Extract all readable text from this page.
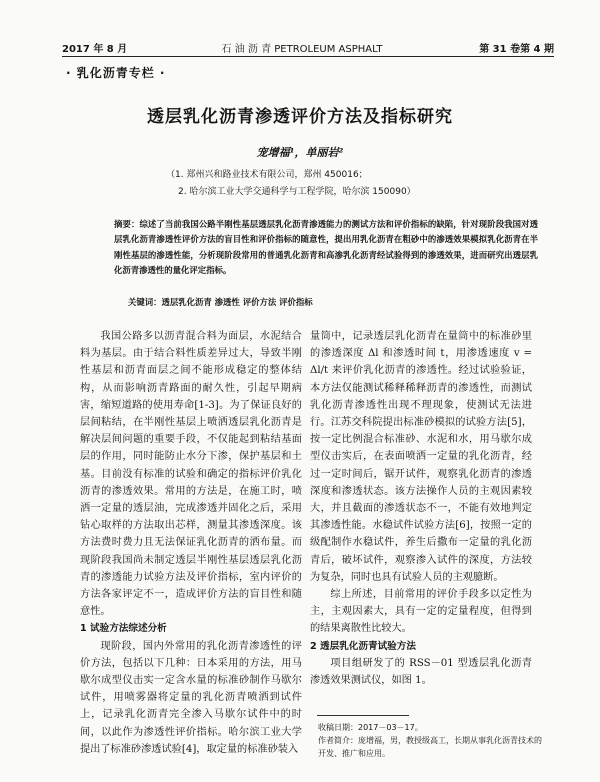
2017 年 8 月	石 油 沥 青 PETROLEUM ASPHALT	第 31 卷第 4 期
· 乳化沥青专栏 ·
透层乳化沥青渗透评价方法及指标研究
宠增福¹，单丽岩²
（1. 郑州兴和路业技术有限公司，郑州 450016；
2. 哈尔滨工业大学交通科学与工程学院，哈尔滨 150090）
摘要：综述了当前我国公路半刚性基层透层乳化沥青渗透能力的测试方法和评价指标的缺陷，针对现阶段我国对透层乳化沥青渗透性评价方法的盲目性和评价指标的随意性，提出用乳化沥青在粗砂中的渗透效果模拟乳化沥青在半刚性基层的渗透性能，分析现阶段常用的普通乳化沥青和高渗乳化沥青经试验得到的渗透效果，进而研究出透层乳化沥青渗透性的量化评定指标。
关键词：透层乳化沥青 渗透性 评价方法 评价指标

我国公路多以沥青混合料为面层，水泥结合料为基层。由于结合料性质差异过大，导致半刚性基层和沥青面层之间不能形成稳定的整体结构，从而影响沥青路面的耐久性，引起早期病害，缩短道路的使用寿命[1-3]。为了保证良好的层间粘结，在半刚性基层上喷洒透层乳化沥青是解决层间问题的重要手段，不仅能起到粘结基面层的作用，同时能防止水分下渗，保护基层和土基。目前没有标准的试验和确定的指标评价乳化沥青的渗透效果。常用的方法是，在施工时，喷洒一定量的透层油，完成渗透并固化之后，采用钻心取样的方法取出芯样，测量其渗透深度。该方法费时费力且无法保证乳化沥青的洒布量。而现阶段我国尚未制定透层半刚性基层透层乳化沥青的渗透能力试验方法及评价指标，室内评价的方法各家评定不一，造成评价方法的盲目性和随意性。

1 试验方法综述分析

现阶段，国内外常用的乳化沥青渗透性的评价方法，包括以下几种：日本采用的方法，用马歇尔成型仪击实一定含水量的标准砂制作马歇尔试件，用喷雾器将定量的乳化沥青喷洒到试件上，记录乳化沥青完全渗入马歇尔试件中的时间，以此作为渗透性评价指标。哈尔滨工业大学提出了标准砂渗透试验[4]，取定量的标准砂装入

量筒中，记录透层乳化沥青在量筒中的标准砂里的渗透深度 Δl 和渗透时间 t，用渗透速度 v = Δl/t 来评价乳化沥青的渗透性。经过试验验证，本方法仅能测试稀释稀释沥青的渗透性，而测试乳化沥青渗透性出现不理现象，使测试无法进行。江苏交科院提出标准砂模拟的试验方法[5]，按一定比例混合标准砂、水泥和水，用马歇尔成型仪击实后，在表面喷洒一定量的乳化沥青，经过一定时间后，锯开试件，观察乳化沥青的渗透深度和渗透状态。该方法操作人员的主观因素较大，并且截面的渗透状态不一，不能有效地判定其渗透性能。水稳试件试验方法[6]，按照一定的级配制作水稳试件，养生后撒布一定量的乳化沥青后，破坏试件，观察渗入试件的深度，方法较为复杂，同时也具有试验人员的主观臆断。

综上所述，目前常用的评价手段多以定性为主，主观因素大，具有一定的定量程度，但得到的结果离散性比较大。

2 透层乳化沥青试验方法

项目组研发了的 RSS－01 型透层乳化沥青渗透效果测试仪，如图 1。

收稿日期：2017－03－17。
作者简介：庞增福，男，教授级高工，长期从事乳化沥青技术的开发、推广和应用。
